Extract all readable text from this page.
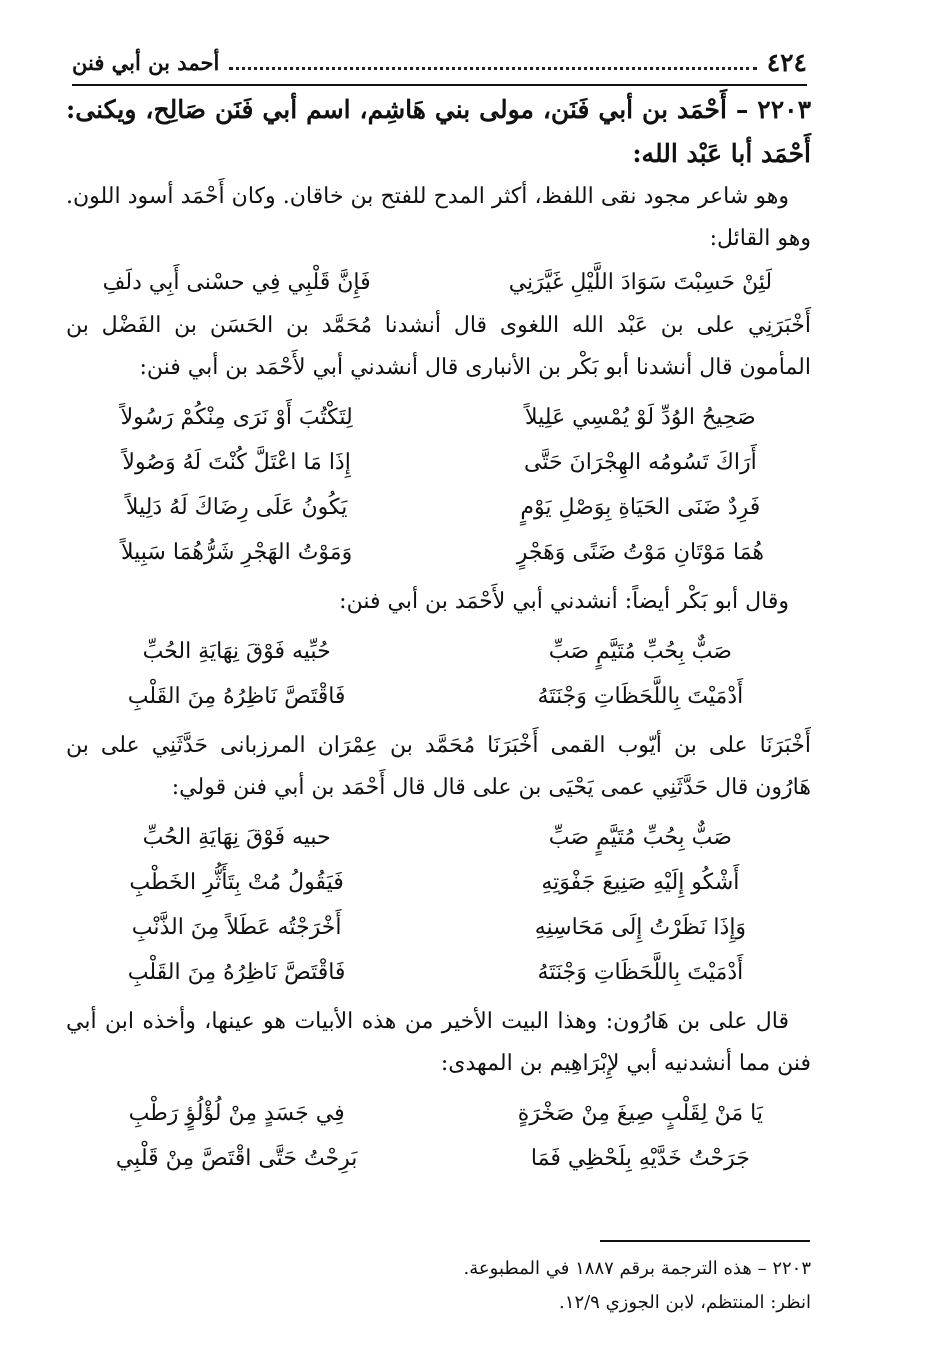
٤٢٤
أحمد بن أبي فنن

٢٢٠٣ – أَحْمَد بن أبي فَنَن، مولى بني هَاشِم، اسم أبي فَنَن صَالِح، ويكنى: أَحْمَد أبا عَبْد الله:

وهو شاعر مجود نقى اللفظ، أكثر المدح للفتح بن خاقان. وكان أَحْمَد أسود اللون. وهو القائل:

لَئِنْ حَسِبْتَ سَوَادَ اللَّيْلِ غَيَّرَنِي
فَإِنَّ قَلْبِي فِي حسْنى أَبِي دلَفِ

أَخْبَرَنِي على بن عَبْد الله اللغوى قال أنشدنا مُحَمَّد بن الحَسَن بن الفَضْل بن المأمون قال أنشدنا أبو بَكْر بن الأنبارى قال أنشدني أبي لأَحْمَد بن أبي فنن:

صَحِيحُ الوُدِّ لَوْ يُمْسِي عَلِيلاً
لِتَكْتُبَ أَوْ نَرَى مِنْكُمْ رَسُولاً
أَرَاكَ تَسُومُه الهِجْرَانَ حَتَّى
إِذَا مَا اعْتَلَّ كُنْتَ لَهُ وَصُولاً
فَرِدٌ ضَنَى الحَيَاةِ بِوَصْلِ يَوْمٍ
يَكُونُ عَلَى رِضَاكَ لَهُ دَلِيلاً
هُمَا مَوْتَانِ مَوْتُ ضَنًى وَهَجْرٍ
وَمَوْتُ الهَجْرِ شَرُّهُمَا سَبِيلاً

وقال أبو بَكْر أيضاً: أنشدني أبي لأَحْمَد بن أبي فنن:

صَبٌّ بِحُبِّ مُتَيَّمٍ صَبِّ
حُبِّيه فَوْقَ نِهَايَةِ الحُبِّ
أَدْمَيْتَ بِاللَّحَظَاتِ وَجْنَتَهُ
فَاقْتَصَّ نَاظِرُهُ مِنَ القَلْبِ

أَخْبَرَنَا على بن أيّوب القمى أَخْبَرَنَا مُحَمَّد بن عِمْرَان المرزبانى حَدَّثَنِي على بن هَارُون قال حَدَّثَنِي عمى يَحْيَى بن على قال قال أَحْمَد بن أبي فنن قولي:

صَبٌّ بِحُبِّ مُتَيَّمٍ صَبِّ
حبيه فَوْقَ نِهَايَةِ الحُبِّ
أَشْكُو إِلَيْهِ صَنِيعَ جَفْوَتِهِ
فَيَقُولُ مُتْ بِتَأَثُّرِ الخَطْبِ
وَإِذَا نَظَرْتُ إِلَى مَحَاسِنِهِ
أَخْرَجْتُه عَطَلاً مِنَ الذَّنْبِ
أَدْمَيْتَ بِاللَّحَظَاتِ وَجْنَتَهُ
فَاقْتَصَّ نَاظِرُهُ مِنَ القَلْبِ

قال على بن هَارُون: وهذا البيت الأخير من هذه الأبيات هو عينها، وأخذه ابن أبي فنن مما أنشدنيه أبي لإِبْرَاهِيم بن المهدى:

يَا مَنْ لِقَلْبٍ صِيغَ مِنْ صَخْرَةٍ
فِي جَسَدٍ مِنْ لُؤْلُؤٍ رَطْبِ
جَرَحْتُ خَدَّيْهِ بِلَحْظِي فَمَا
بَرِحْتُ حَتَّى اقْتَصَّ مِنْ قَلْبِي

٢٢٠٣ – هذه الترجمة برقم ١٨٨٧ في المطبوعة.

انظر: المنتظم، لابن الجوزي ١٢/٩.
